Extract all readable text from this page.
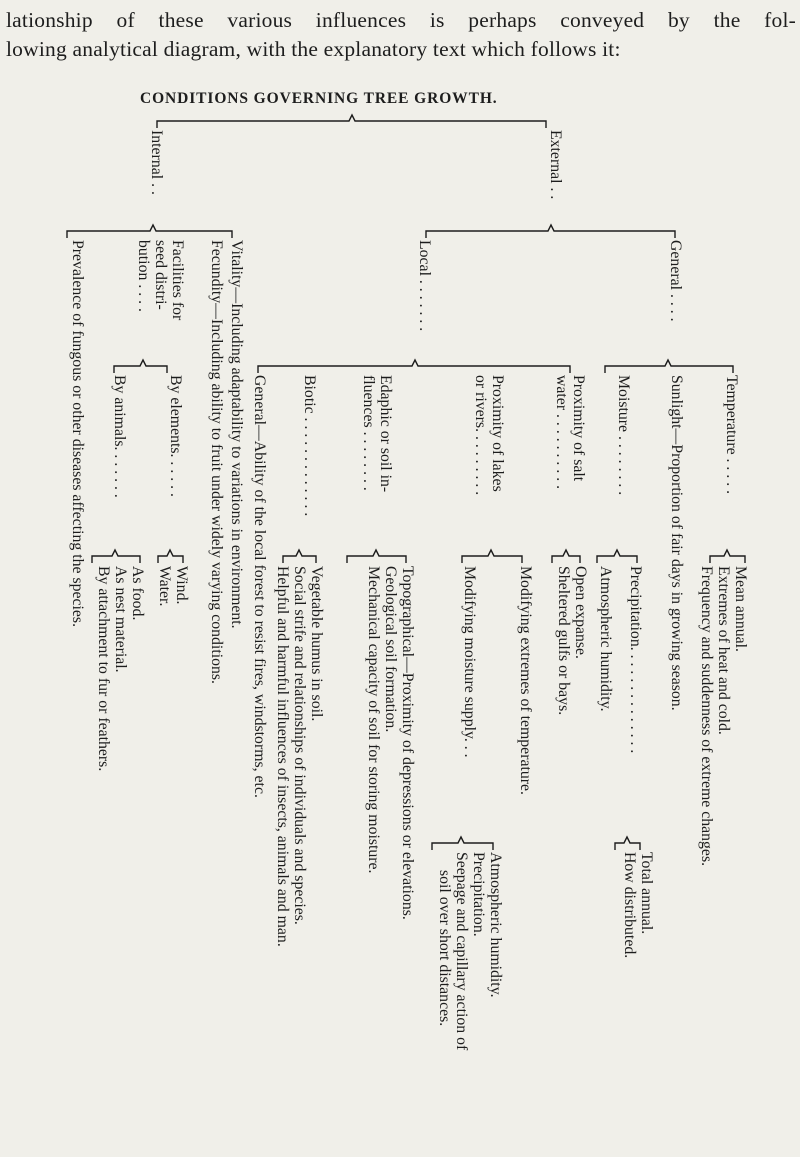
lationship of these various influences is perhaps conveyed by the fol-
lowing analytical diagram, with the explanatory text which follows it:

CONDITIONS GOVERNING TREE GROWTH.
External . .
Internal . .
General . . . .
Local . . . . . . .
Vitality—Including adaptability to variations in environment.
Fecundity—Including ability to fruit under widely varying conditions.
Facilities for
seed distri-
bution . . . .
Prevalence of fungous or other diseases affecting the species.	Temperature . . . . .
Sunlight—Proportion of fair days in growing season.
Moisture . . . . . . . .
Proximity of salt
water . . . . . . . . . .
Proximity of lakes
or rivers. . . . . . . . .
Edaphic or soil in-
fluences . . . . . . . .
Biotic . . . . . . . . . . . . .
General—Ability of the local forest to resist fires, windstorms, etc.
By elements. . . . . .
By animals. . . . . . .
Mean annual.
Extremes of heat and cold.
Frequency and suddenness of extreme changes.
Precipitation. . . . . . . . . . . . . .
Atmospheric humidity.
Open expanse.
Sheltered gulfs or bays.
Modifying extremes of temperature.
Modifying moisture supply. . .
Topographical—Proximity of depressions or elevations.
Geological soil formation.
Mechanical capacity of soil for storing moisture.
Vegetable humus in soil.
Social strife and relationships of individuals and species.
Helpful and harmful influences of insects, animals and man.
Wind.
Water.
As food.
As nest material.
By attachment to fur or feathers.
Total annual.
How distributed.
Atmospheric humidity.
Precipitation.
Seepage and capillary action of
soil over short distances.
